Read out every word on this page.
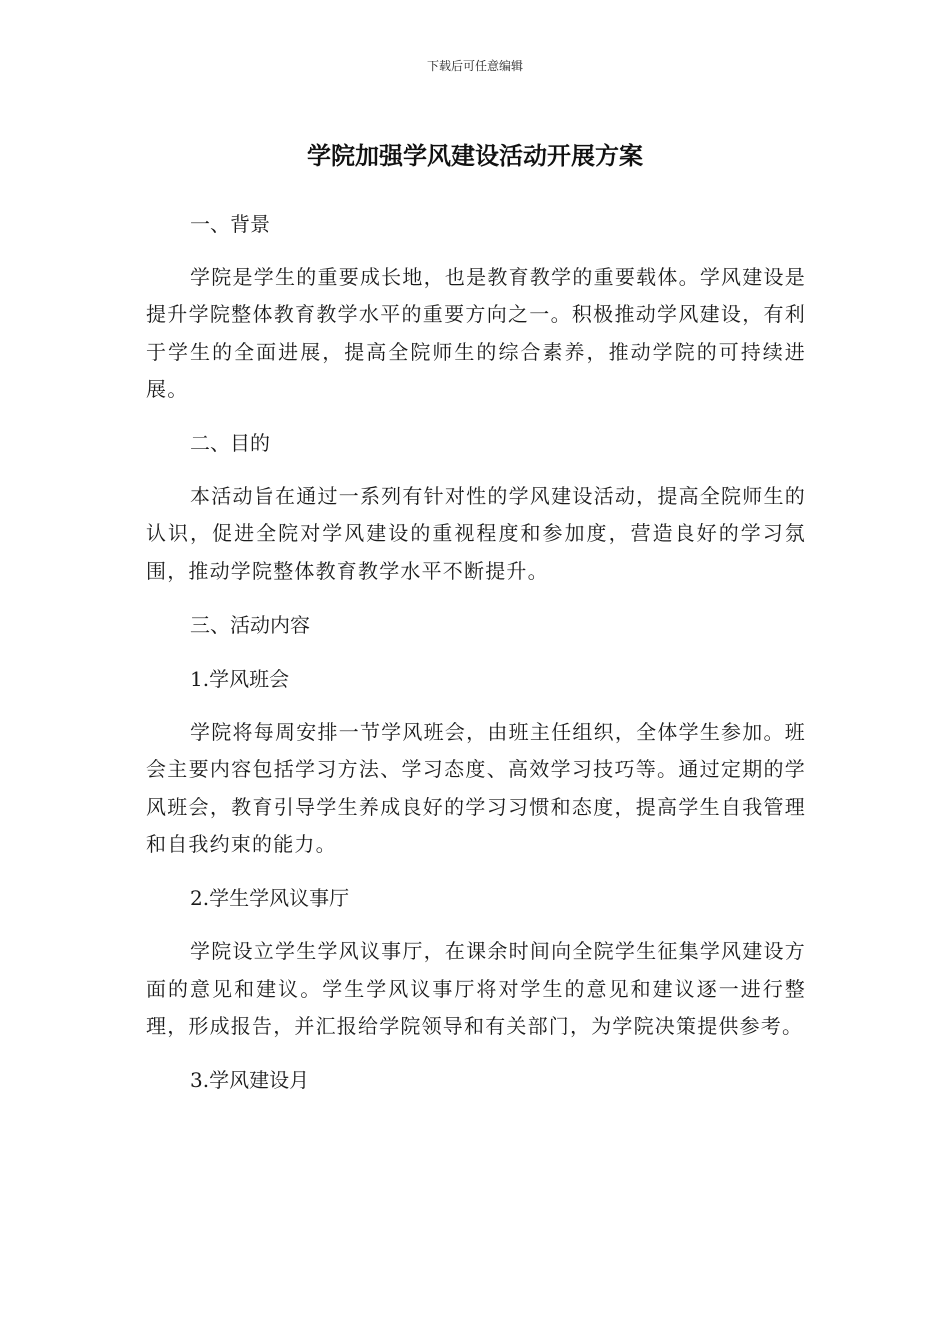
下载后可任意编辑
学院加强学风建设活动开展方案

一、背景

学院是学生的重要成长地，也是教育教学的重要载体。学风建设是提升学院整体教育教学水平的重要方向之一。积极推动学风建设，有利于学生的全面进展，提高全院师生的综合素养，推动学院的可持续进展。

二、目的

本活动旨在通过一系列有针对性的学风建设活动，提高全院师生的认识，促进全院对学风建设的重视程度和参加度，营造良好的学习氛围，推动学院整体教育教学水平不断提升。

三、活动内容

1.学风班会

学院将每周安排一节学风班会，由班主任组织，全体学生参加。班会主要内容包括学习方法、学习态度、高效学习技巧等。通过定期的学风班会，教育引导学生养成良好的学习习惯和态度，提高学生自我管理和自我约束的能力。

2.学生学风议事厅

学院设立学生学风议事厅，在课余时间向全院学生征集学风建设方面的意见和建议。学生学风议事厅将对学生的意见和建议逐一进行整理，形成报告，并汇报给学院领导和有关部门，为学院决策提供参考。

3.学风建设月
